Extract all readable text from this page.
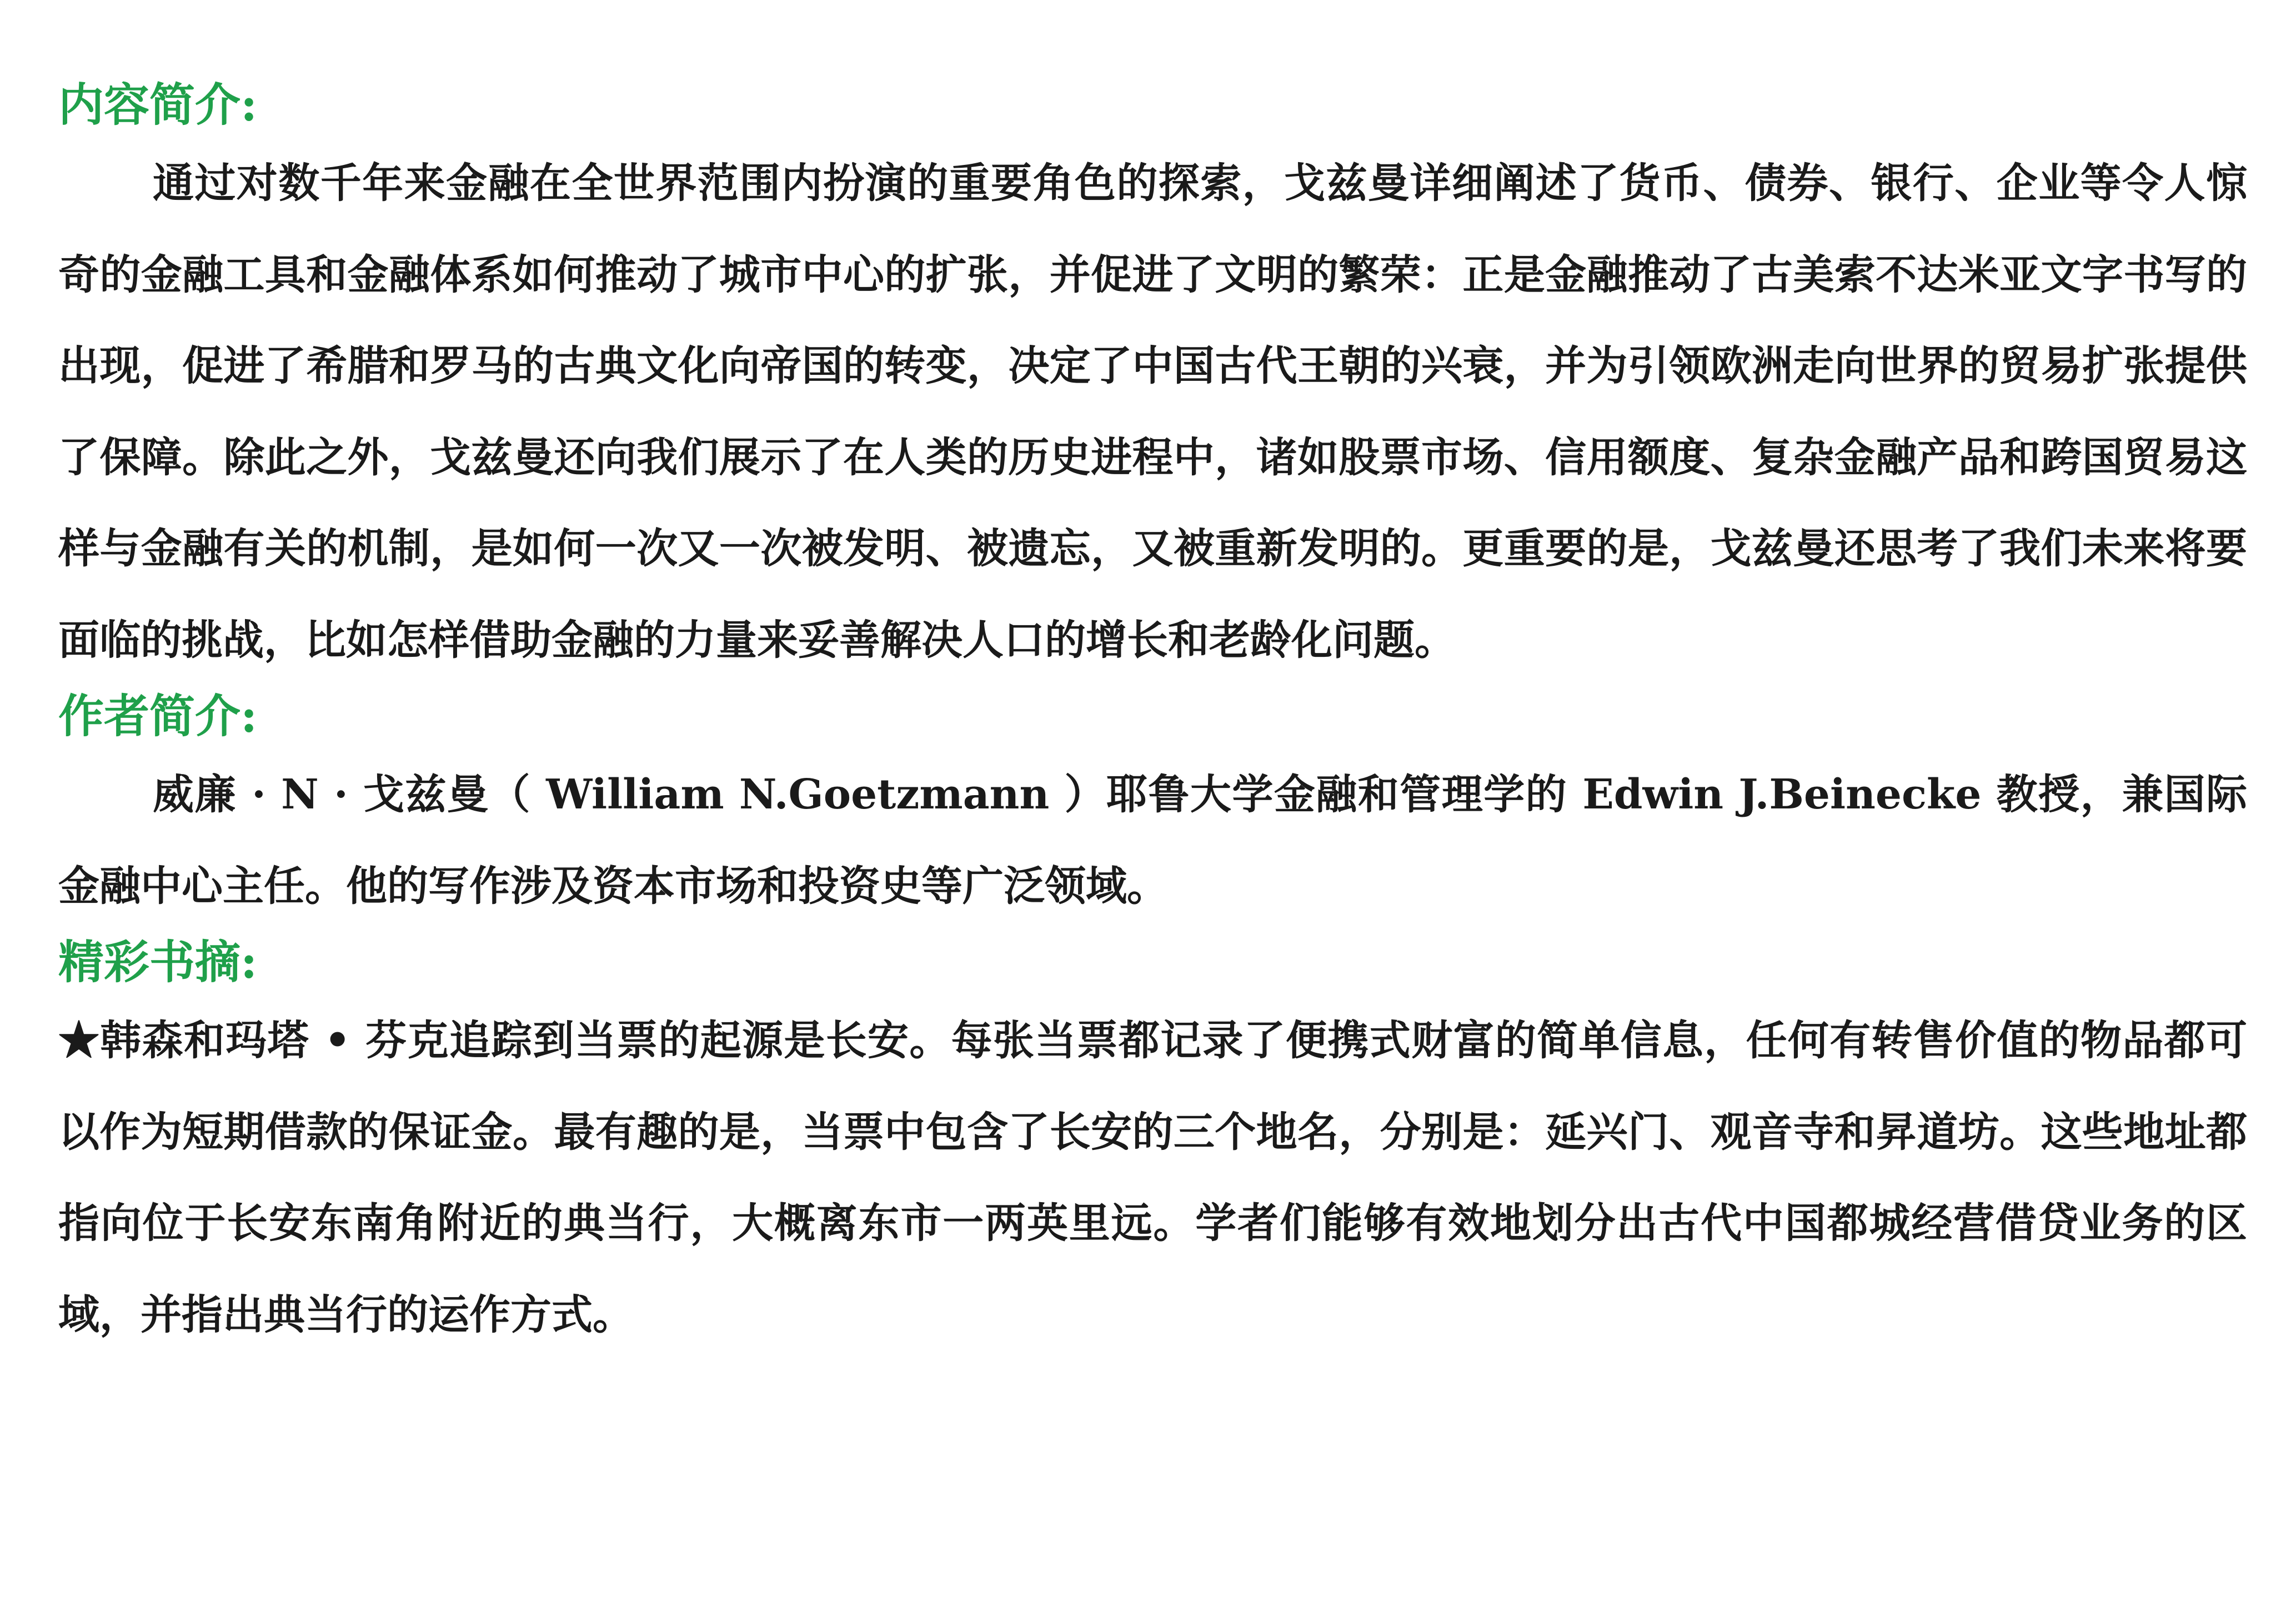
内容简介:

通过对数千年来金融在全世界范围内扮演的重要角色的探索，戈兹曼详细阐述了货币、债券、银行、企业等令人惊奇的金融工具和金融体系如何推动了城市中心的扩张，并促进了文明的繁荣：正是金融推动了古美索不达米亚文字书写的出现，促进了希腊和罗马的古典文化向帝国的转变，决定了中国古代王朝的兴衰，并为引领欧洲走向世界的贸易扩张提供了保障。除此之外，戈兹曼还向我们展示了在人类的历史进程中，诸如股票市场、信用额度、复杂金融产品和跨国贸易这样与金融有关的机制，是如何一次又一次被发明、被遗忘，又被重新发明的。更重要的是，戈兹曼还思考了我们未来将要面临的挑战，比如怎样借助金融的力量来妥善解决人口的增长和老龄化问题。

作者简介:

威廉 · N · 戈兹曼（ William N.Goetzmann ）耶鲁大学金融和管理学的 Edwin J.Beinecke 教授，兼国际金融中心主任。他的写作涉及资本市场和投资史等广泛领域。

精彩书摘:

★韩森和玛塔 • 芬克追踪到当票的起源是长安。每张当票都记录了便携式财富的简单信息，任何有转售价值的物品都可以作为短期借款的保证金。最有趣的是，当票中包含了长安的三个地名，分别是：延兴门、观音寺和昇道坊。这些地址都指向位于长安东南角附近的典当行，大概离东市一两英里远。学者们能够有效地划分出古代中国都城经营借贷业务的区域，并指出典当行的运作方式。
